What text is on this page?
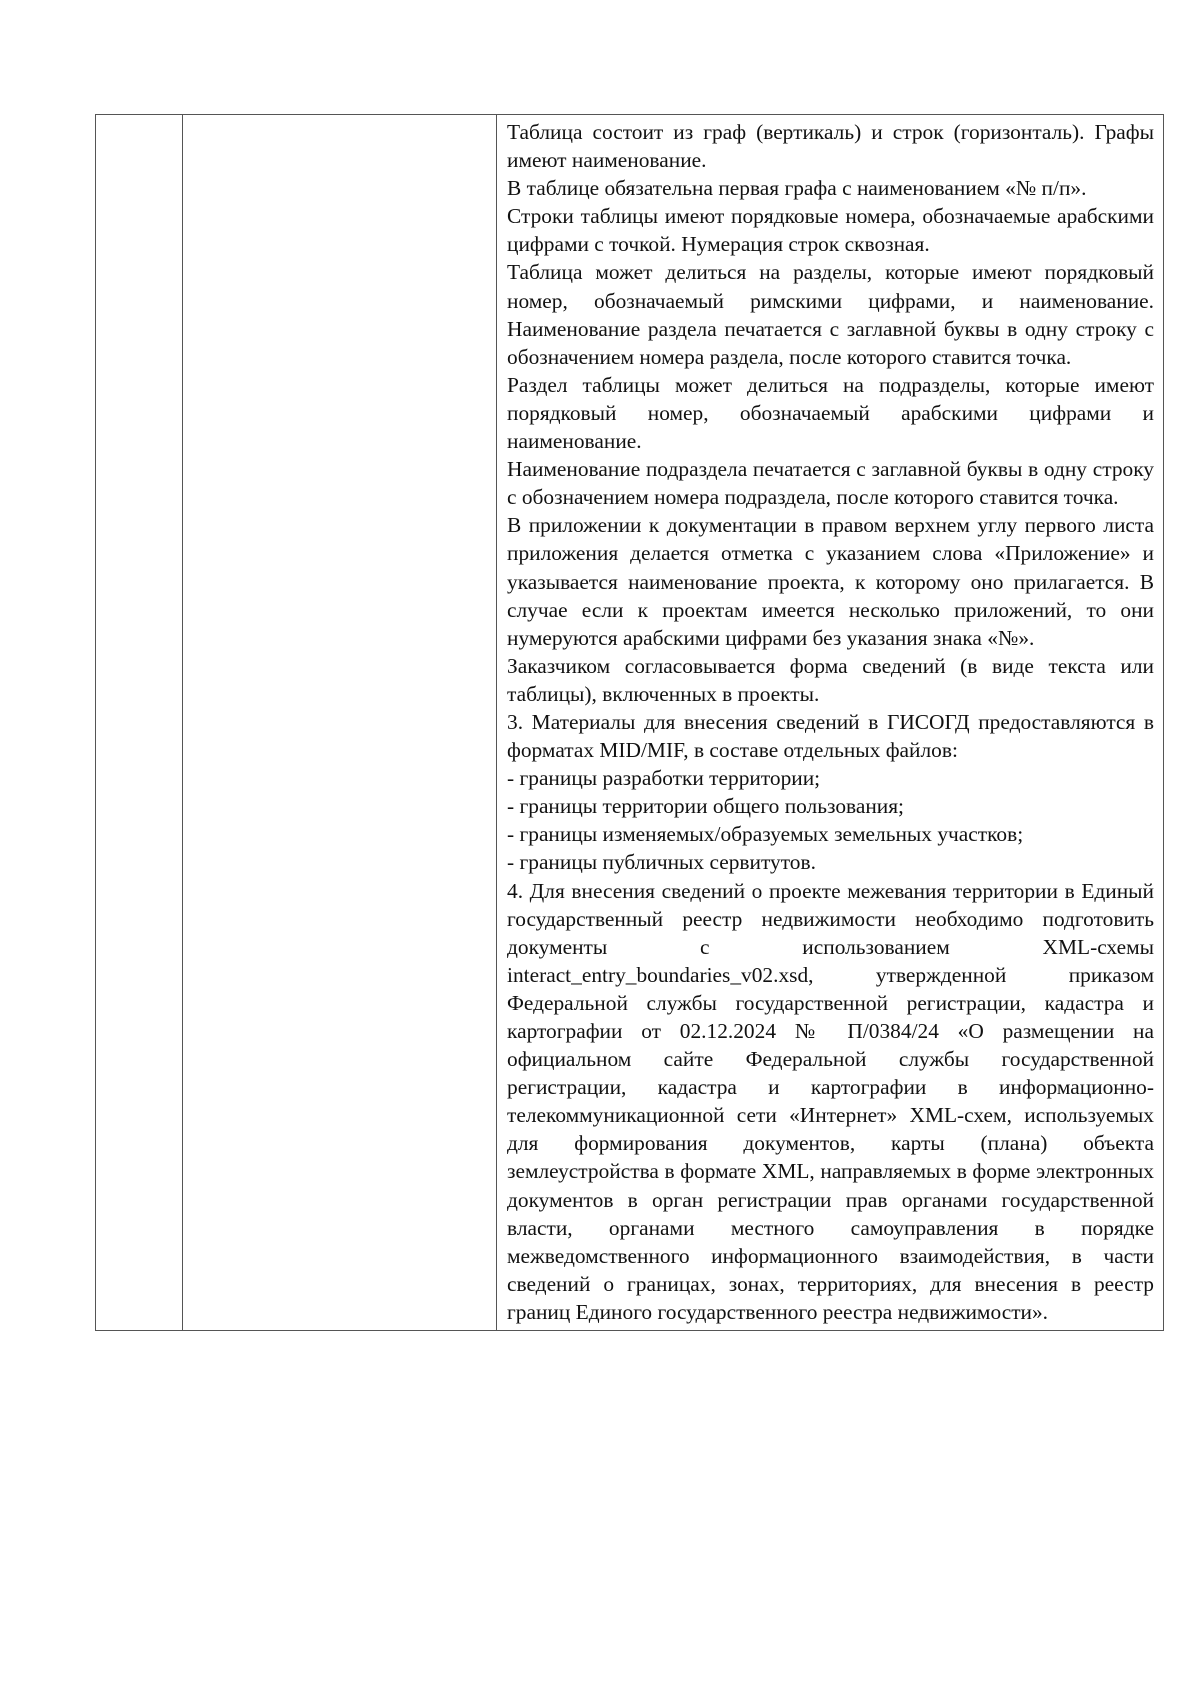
Таблица состоит из граф (вертикаль) и строк (горизонталь). Графы имеют наименование.

В таблице обязательна первая графа с наименованием «№ п/п».

Строки таблицы имеют порядковые номера, обозначаемые арабскими цифрами с точкой. Нумерация строк сквозная.

Таблица может делиться на разделы, которые имеют порядковый номер, обозначаемый римскими цифрами, и наименование. Наименование раздела печатается с заглавной буквы в одну строку с обозначением номера раздела, после которого ставится точка.

Раздел таблицы может делиться на подразделы, которые имеют порядковый номер, обозначаемый арабскими цифрами и наименование.

Наименование подраздела печатается с заглавной буквы в одну строку с обозначением номера подраздела, после которого ставится точка.

В приложении к документации в правом верхнем углу первого листа приложения делается отметка с указанием слова «Приложение» и указывается наименование проекта, к которому оно прилагается. В случае если к проектам имеется несколько приложений, то они нумеруются арабскими цифрами без указания знака «№».

Заказчиком согласовывается форма сведений (в виде текста или таблицы), включенных в проекты.

3. Материалы для внесения сведений в ГИСОГД предоставляются в форматах MID/MIF, в составе отдельных файлов:

- границы разработки территории;

- границы территории общего пользования;

- границы изменяемых/образуемых земельных участков;

- границы публичных сервитутов.

4. Для внесения сведений о проекте межевания территории в Единый государственный реестр недвижимости необходимо подготовить документы с использованием XML-схемы interact_entry_boundaries_v02.xsd, утвержденной приказом Федеральной службы государственной регистрации, кадастра и картографии от 02.12.2024 № П/0384/24 «О размещении на официальном сайте Федеральной службы государственной регистрации, кадастра и картографии в информационно-телекоммуникационной сети «Интернет» XML-схем, используемых для формирования документов, карты (плана) объекта землеустройства в формате XML, направляемых в форме электронных документов в орган регистрации прав органами государственной власти, органами местного самоуправления в порядке межведомственного информационного взаимодействия, в части сведений о границах, зонах, территориях, для внесения в реестр границ Единого государственного реестра недвижимости».
